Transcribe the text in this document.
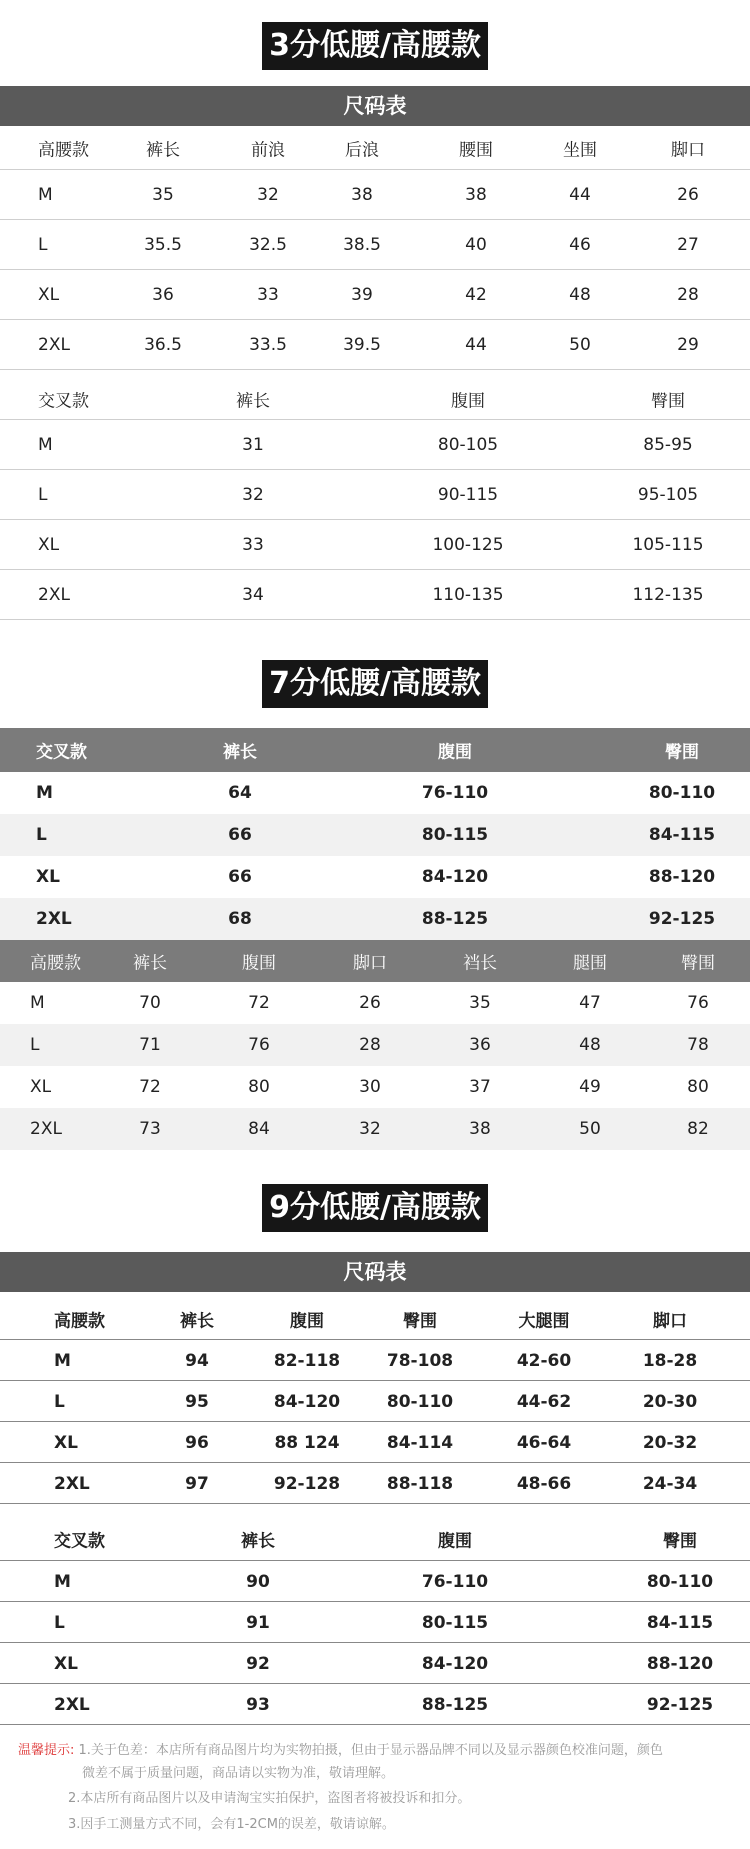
3分低腰/高腰款
尺码表
高腰款	裤长	前浪	后浪	腰围	坐围	脚口
M	35	32	38	38	44	26
L	35.5	32.5	38.5	40	46	27
XL	36	33	39	42	48	28
2XL	36.5	33.5	39.5	44	50	29
交叉款	裤长	腹围	臀围
M	31	80-105	85-95
L	32	90-115	95-105
XL	33	100-125	105-115
2XL	34	110-135	112-135
7分低腰/高腰款
交叉款	裤长	腹围	臀围
M	64	76-110	80-110
L	66	80-115	84-115
XL	66	84-120	88-120
2XL	68	88-125	92-125
高腰款	裤长	腹围	脚口	裆长	腿围	臀围
M	70	72	26	35	47	76
L	71	76	28	36	48	78
XL	72	80	30	37	49	80
2XL	73	84	32	38	50	82
9分低腰/高腰款
尺码表
高腰款	裤长	腹围	臀围	大腿围	脚口
M	94	82-118	78-108	42-60	18-28
L	95	84-120	80-110	44-62	20-30
XL	96	88 124	84-114	46-64	20-32
2XL	97	92-128	88-118	48-66	24-34
交叉款	裤长	腹围	臀围
M	90	76-110	80-110
L	91	80-115	84-115
XL	92	84-120	88-120
2XL	93	88-125	92-125
温馨提示: 1.关于色差：本店所有商品图片均为实物拍摄，但由于显示器品牌不同以及显示器颜色校准问题，颜色
微差不属于质量问题，商品请以实物为准，敬请理解。
2.本店所有商品图片以及申请淘宝实拍保护，盗图者将被投诉和扣分。
3.因手工测量方式不同，会有1-2CM的误差，敬请谅解。
